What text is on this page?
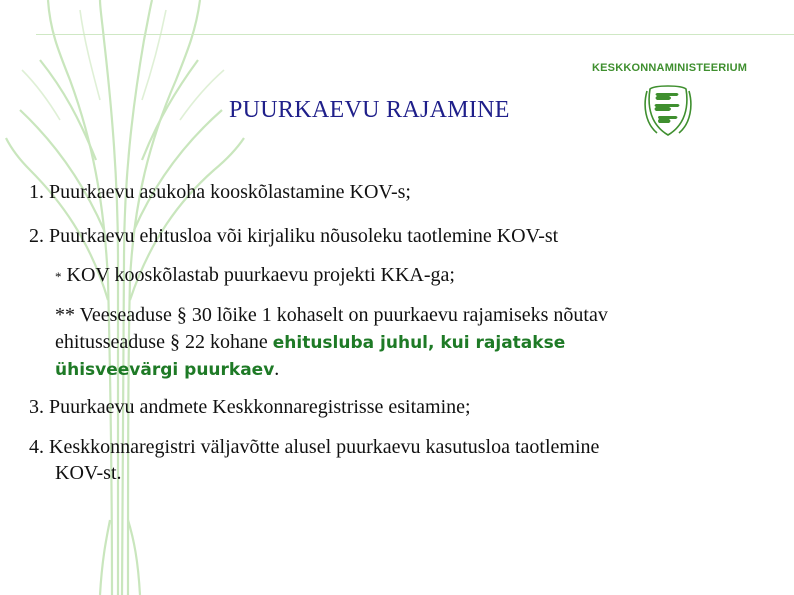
KESKKONNAMINISTEERIUM
PUURKAEVU RAJAMINE
1. Puurkaevu asukoha kooskõlastamine KOV-s;
2. Puurkaevu ehitusloa või kirjaliku nõusoleku taotlemine KOV-st
* KOV kooskõlastab puurkaevu projekti KKA-ga;
** Veeseaduse § 30 lõike 1 kohaselt on puurkaevu rajamiseks nõutav
ehitusseaduse § 22 kohane ehitusluba juhul, kui rajatakse
ühisveevärgi puurkaev.
3. Puurkaevu andmete Keskkonnaregistrisse esitamine;
4. Keskkonnaregistri väljavõtte alusel puurkaevu kasutusloa taotlemine
KOV-st.
